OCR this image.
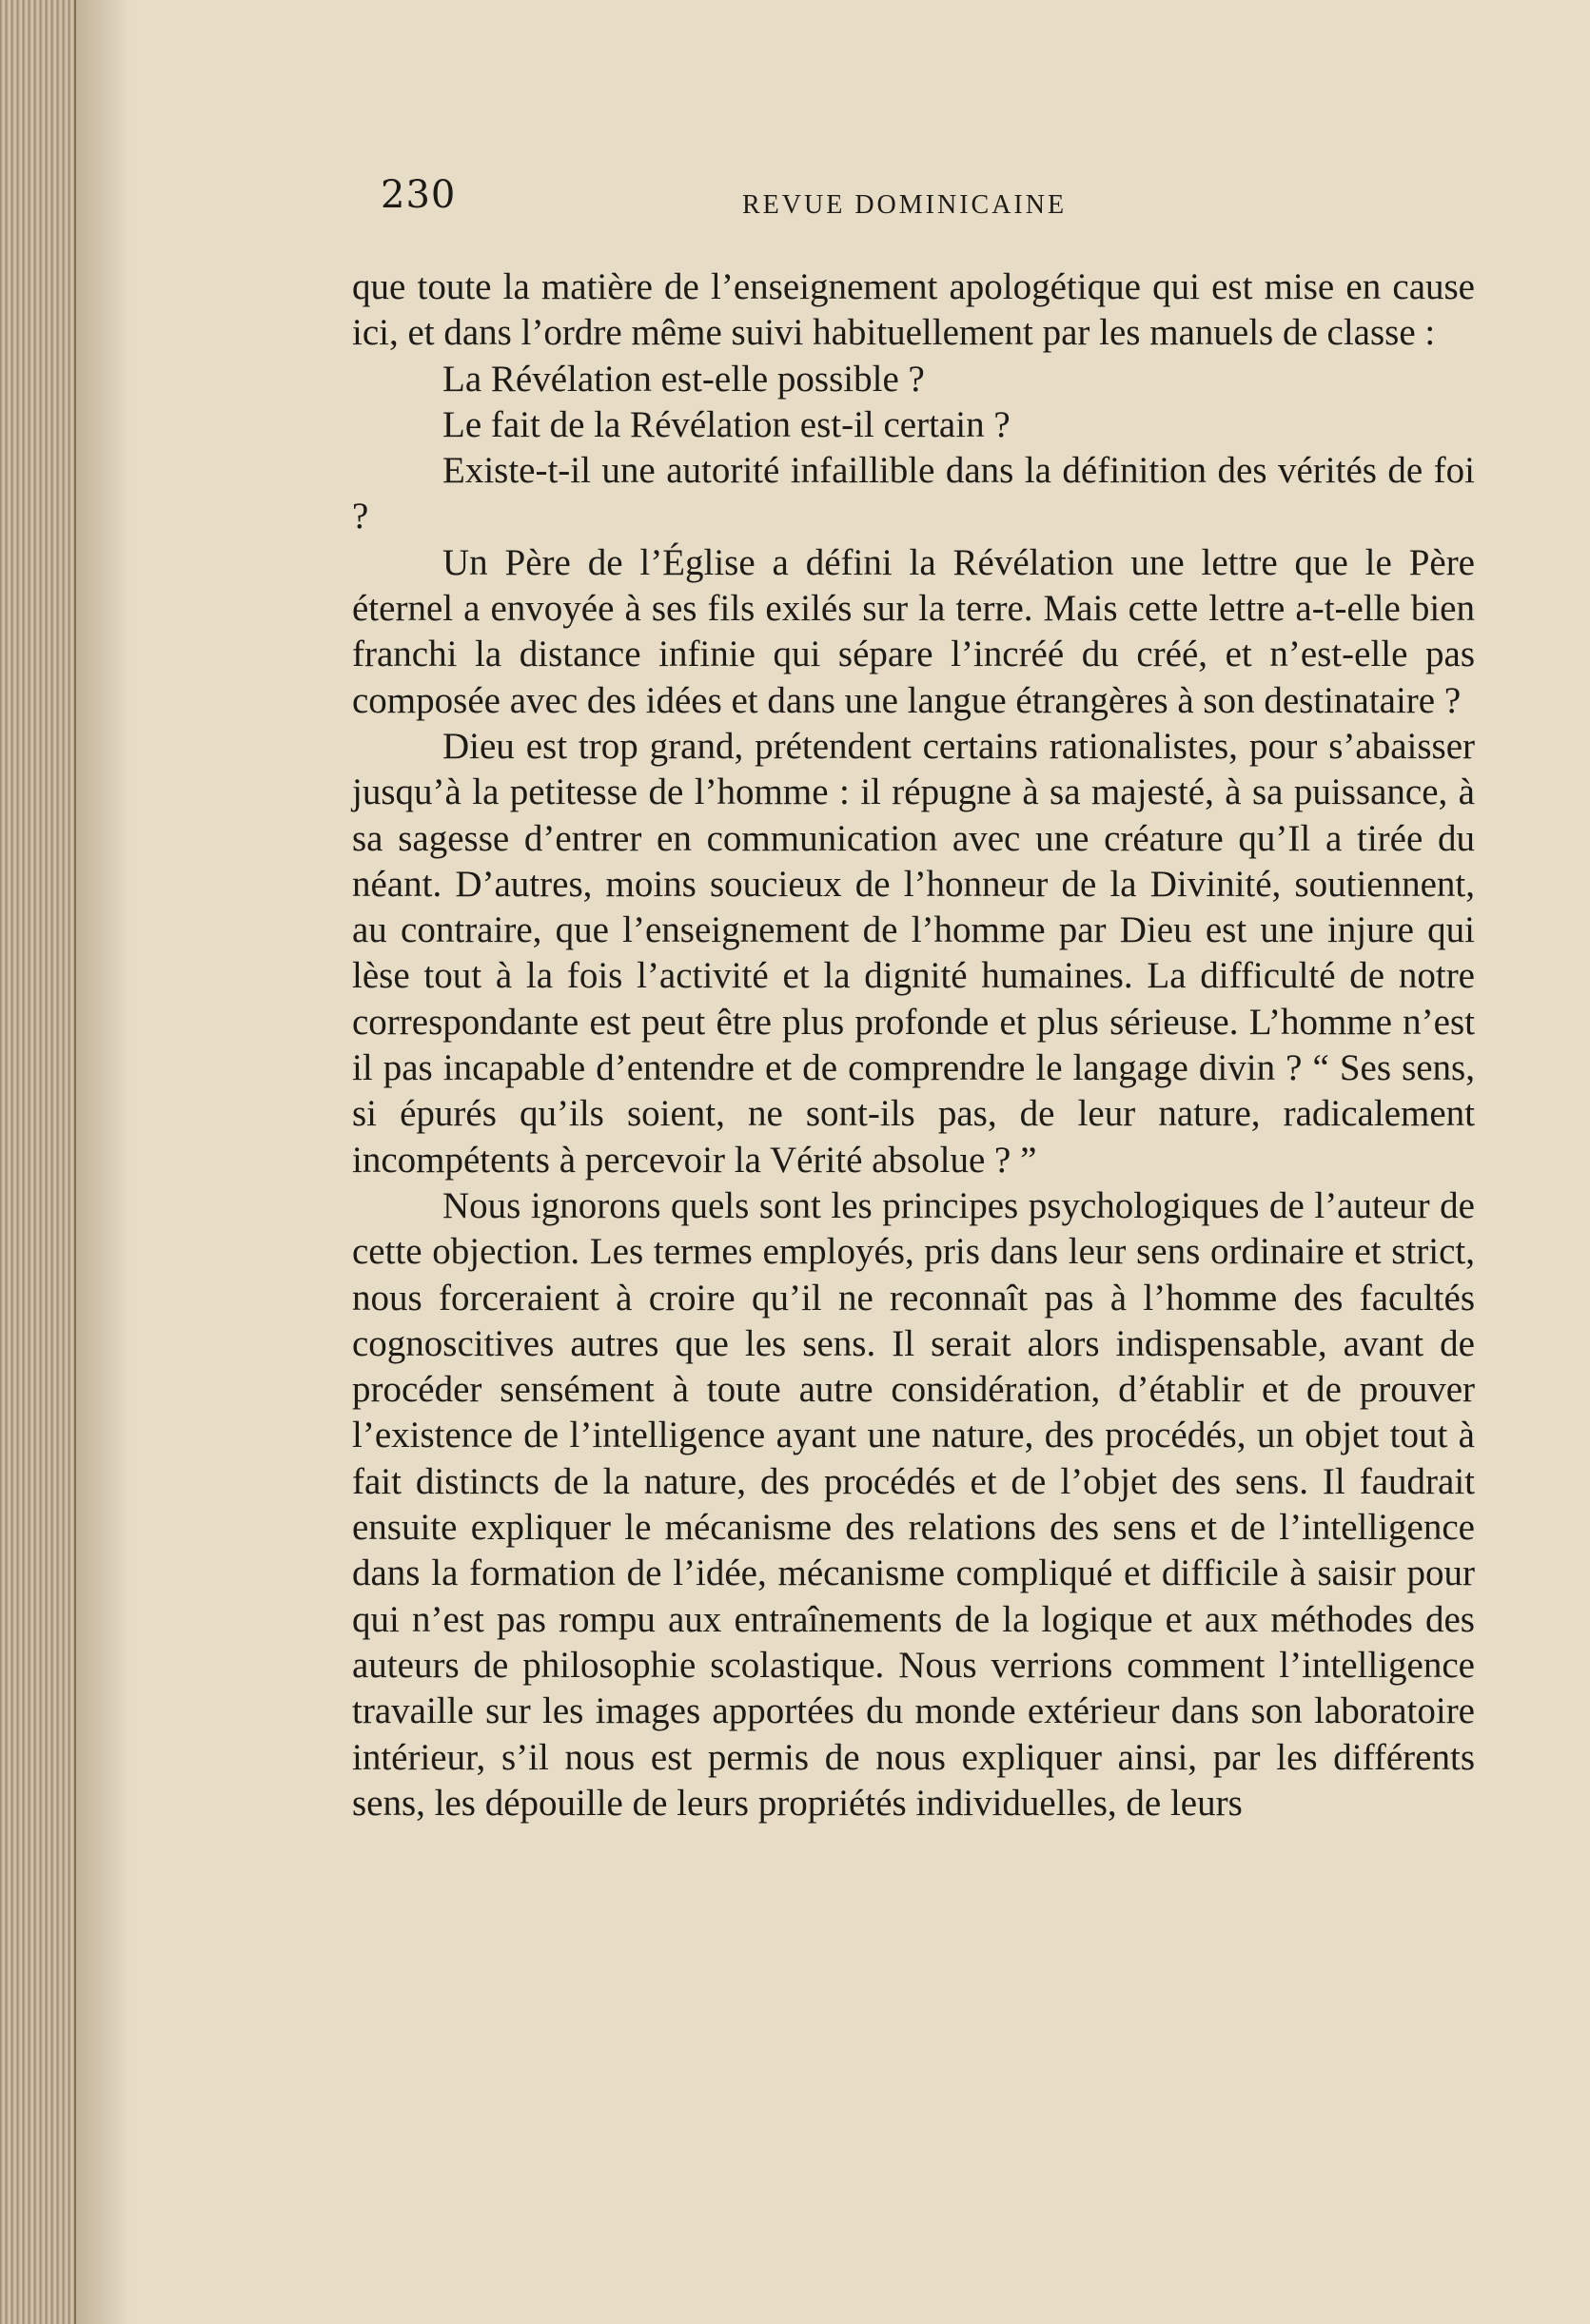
230	REVUE DOMINICAINE

que toute la matière de l’enseignement apologétique qui est mise en cause ici, et dans l’ordre même suivi habituellement par les manuels de classe :

La Révélation est-elle possible ?

Le fait de la Révélation est-il certain ?

Existe-t-il une autorité infaillible dans la définition des vérités de foi ?

Un Père de l’Église a défini la Révélation une lettre que le Père éternel a envoyée à ses fils exilés sur la terre. Mais cette lettre a-t-elle bien franchi la distance infinie qui sépare l’incréé du créé, et n’est-elle pas composée avec des idées et dans une langue étrangères à son destinataire ?

Dieu est trop grand, prétendent certains rationalistes, pour s’abaisser jusqu’à la petitesse de l’homme : il répugne à sa majesté, à sa puissance, à sa sagesse d’entrer en communication avec une créature qu’Il a tirée du néant. D’autres, moins soucieux de l’honneur de la Divinité, soutiennent, au contraire, que l’enseignement de l’homme par Dieu est une injure qui lèse tout à la fois l’activité et la dignité humaines. La difficulté de notre correspondante est peut être plus profonde et plus sérieuse. L’homme n’est il pas incapable d’entendre et de comprendre le langage divin ? “ Ses sens, si épurés qu’ils soient, ne sont-ils pas, de leur nature, radicalement incompétents à percevoir la Vérité absolue ? ”

Nous ignorons quels sont les principes psychologiques de l’auteur de cette objection. Les termes employés, pris dans leur sens ordinaire et strict, nous forceraient à croire qu’il ne reconnaît pas à l’homme des facultés cognoscitives autres que les sens. Il serait alors indispensable, avant de procéder sensément à toute autre considération, d’établir et de prouver l’existence de l’intelligence ayant une nature, des procédés, un objet tout à fait distincts de la nature, des procédés et de l’objet des sens. Il faudrait ensuite expliquer le mécanisme des relations des sens et de l’intelligence dans la formation de l’idée, mécanisme compliqué et difficile à saisir pour qui n’est pas rompu aux entraînements de la logique et aux méthodes des auteurs de philosophie scolastique. Nous verrions comment l’intelligence travaille sur les images apportées du monde extérieur dans son laboratoire intérieur, s’il nous est permis de nous expliquer ainsi, par les différents sens, les dépouille de leurs propriétés individuelles, de leurs
